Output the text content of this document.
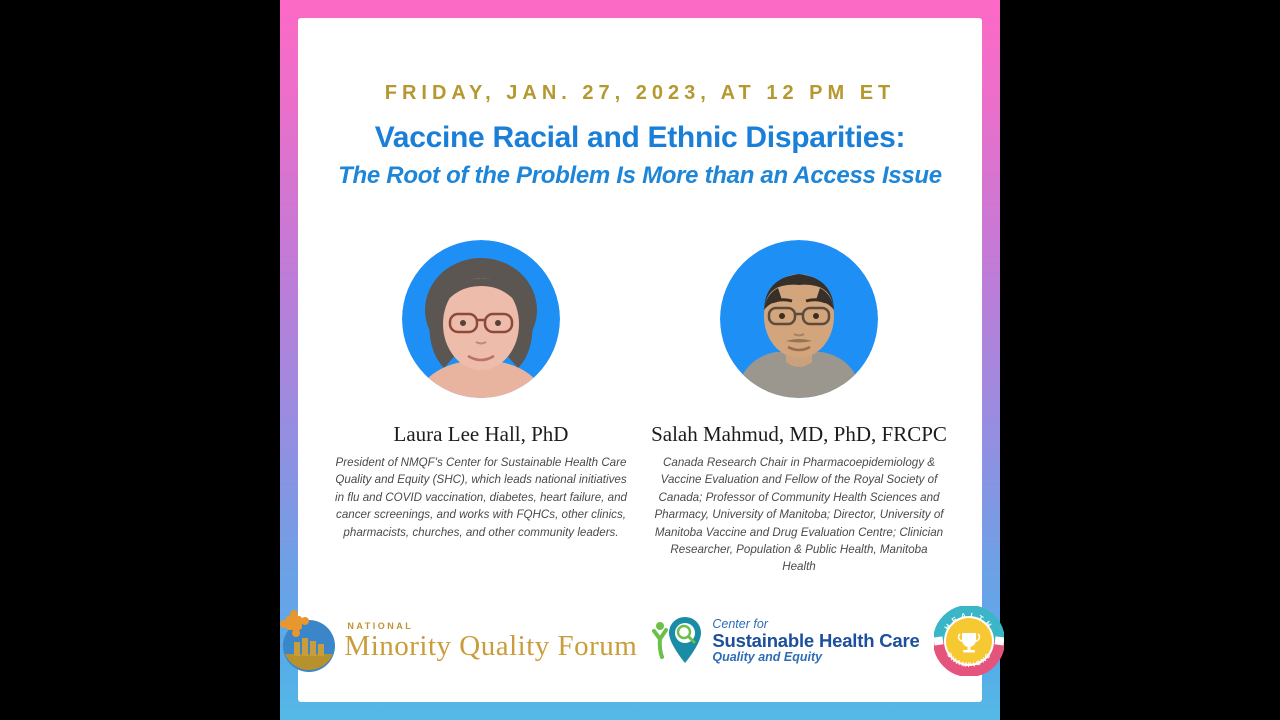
FRIDAY, JAN. 27, 2023, AT 12 PM ET
Vaccine Racial and Ethnic Disparities:
The Root of the Problem Is More than an Access Issue
Laura Lee Hall, PhD
President of NMQF's Center for Sustainable Health Care Quality and Equity (SHC), which leads national initiatives in flu and COVID vaccination, diabetes, heart failure, and cancer screenings, and works with FQHCs, other clinics, pharmacists, churches, and other community leaders.
Salah Mahmud, MD, PhD, FRCPC
Canada Research Chair in Pharmacoepidemiology & Vaccine Evaluation and Fellow of the Royal Society of Canada; Professor of Community Health Sciences and Pharmacy, University of Manitoba; Director, University of Manitoba Vaccine and Drug Evaluation Centre; Clinician Researcher, Population & Public Health, Manitoba Health
NATIONAL
Minority Quality Forum
Center for
Sustainable Health Care
Quality and Equity
HEALTH
CHAMPIONS
